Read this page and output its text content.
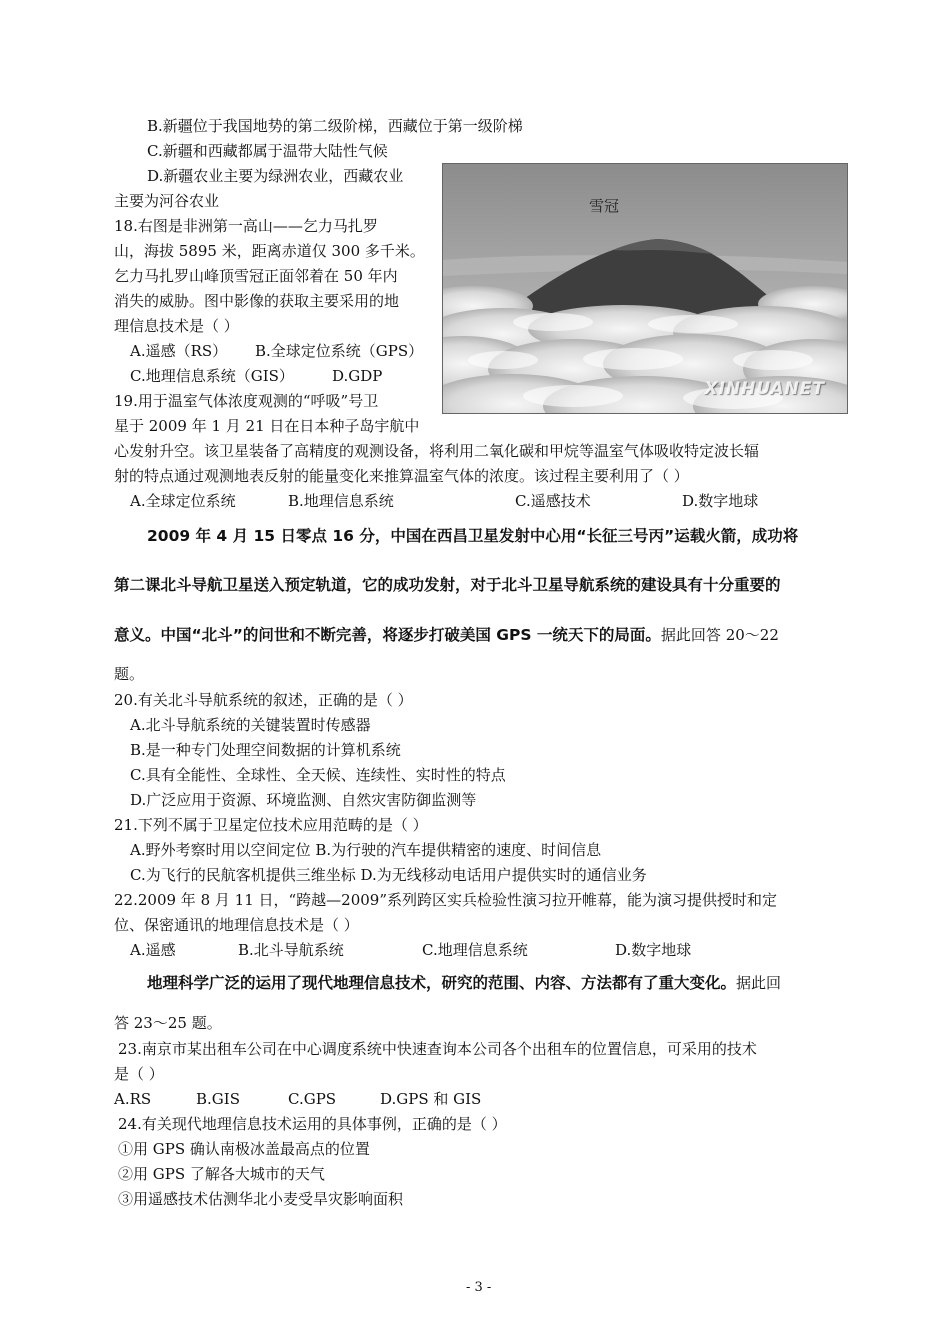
B.新疆位于我国地势的第二级阶梯，西藏位于第一级阶梯
C.新疆和西藏都属于温带大陆性气候
D.新疆农业主要为绿洲农业，西藏农业
主要为河谷农业
18.右图是非洲第一高山——乞力马扎罗
山，海拔 5895 米，距离赤道仅 300 多千米。
乞力马扎罗山峰顶雪冠正面邻着在 50 年内
消失的威胁。图中影像的获取主要采用的地
理信息技术是（ ）
A.遥感（RS） B.全球定位系统（GPS）
C.地理信息系统（GIS）	D.GDP
雪冠
XINHUANET
19.用于温室气体浓度观测的“呼吸”号卫
星于 2009 年 1 月 21 日在日本种子岛宇航中
心发射升空。该卫星装备了高精度的观测设备，将利用二氧化碳和甲烷等温室气体吸收特定波长辐
射的特点通过观测地表反射的能量变化来推算温室气体的浓度。该过程主要利用了（ ）
A.全球定位系统	B.地理信息系统	C.遥感技术	D.数字地球
2009 年 4 月 15 日零点 16 分，中国在西昌卫星发射中心用“长征三号丙”运载火箭，成功将
第二课北斗导航卫星送入预定轨道，它的成功发射，对于北斗卫星导航系统的建设具有十分重要的
意义。中国“北斗”的问世和不断完善，将逐步打破美国 GPS 一统天下的局面。据此回答 20～22
题。
20.有关北斗导航系统的叙述，正确的是（ ）
A.北斗导航系统的关键装置时传感器
B.是一种专门处理空间数据的计算机系统
C.具有全能性、全球性、全天候、连续性、实时性的特点
D.广泛应用于资源、环境监测、自然灾害防御监测等
21.下列不属于卫星定位技术应用范畴的是（ ）
A.野外考察时用以空间定位 B.为行驶的汽车提供精密的速度、时间信息
C.为飞行的民航客机提供三维坐标 D.为无线移动电话用户提供实时的通信业务
22.2009 年 8 月 11 日，“跨越—2009”系列跨区实兵检验性演习拉开帷幕，能为演习提供授时和定
位、保密通讯的地理信息技术是（ ）
A.遥感	B.北斗导航系统	C.地理信息系统	D.数字地球
地理科学广泛的运用了现代地理信息技术，研究的范围、内容、方法都有了重大变化。据此回
答 23～25 题。
23.南京市某出租车公司在中心调度系统中快速查询本公司各个出租车的位置信息，可采用的技术
是（ ）
A.RS	B.GIS	C.GPS	D.GPS 和 GIS
24.有关现代地理信息技术运用的具体事例，正确的是（ ）
①用 GPS 确认南极冰盖最高点的位置
②用 GPS 了解各大城市的天气
③用遥感技术估测华北小麦受旱灾影响面积
- 3 -
